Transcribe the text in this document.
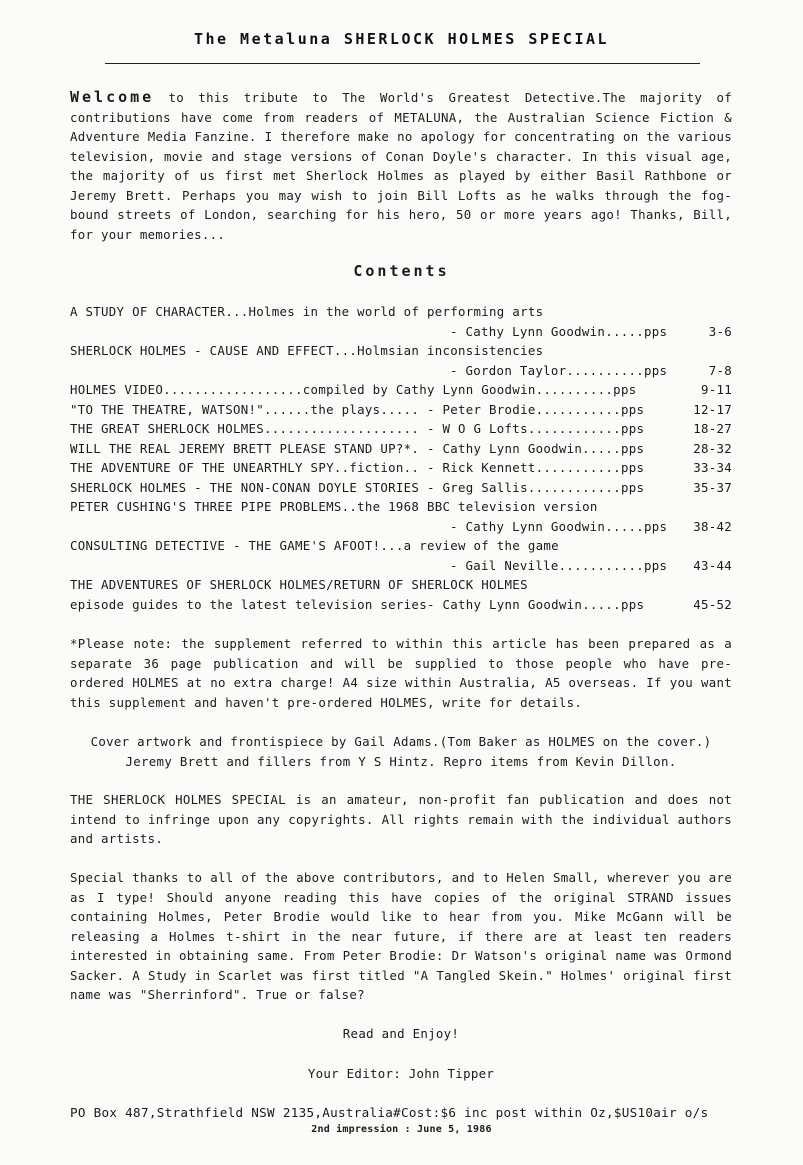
The Metaluna SHERLOCK HOLMES SPECIAL
Welcome to this tribute to The World's Greatest Detective.The majority of contributions have come from readers of METALUNA, the Australian Science Fiction & Adventure Media Fanzine. I therefore make no apology for concentrating on the various television, movie and stage versions of Conan Doyle's character. In this visual age, the majority of us first met Sherlock Holmes as played by either Basil Rathbone or Jeremy Brett. Perhaps you may wish to join Bill Lofts as he walks through the fog-bound streets of London, searching for his hero, 50 or more years ago! Thanks, Bill, for your memories...
Contents
A STUDY OF CHARACTER...Holmes in the world of performing arts
- Cathy Lynn Goodwin.....pps	3-6
SHERLOCK HOLMES - CAUSE AND EFFECT...Holmsian inconsistencies
- Gordon Taylor..........pps	7-8
HOLMES VIDEO..................compiled by Cathy Lynn Goodwin..........pps	9-11
"TO THE THEATRE, WATSON!"......the plays..... - Peter Brodie...........pps	12-17
THE GREAT SHERLOCK HOLMES.................... - W O G Lofts............pps	18-27
WILL THE REAL JEREMY BRETT PLEASE STAND UP?*. - Cathy Lynn Goodwin.....pps	28-32
THE ADVENTURE OF THE UNEARTHLY SPY..fiction.. - Rick Kennett...........pps	33-34
SHERLOCK HOLMES - THE NON-CONAN DOYLE STORIES - Greg Sallis............pps	35-37
PETER CUSHING'S THREE PIPE PROBLEMS..the 1968 BBC television version
- Cathy Lynn Goodwin.....pps 38-42
CONSULTING DETECTIVE - THE GAME'S AFOOT!...a review of the game
- Gail Neville...........pps 43-44
THE ADVENTURES OF SHERLOCK HOLMES/RETURN OF SHERLOCK HOLMES
episode guides to the latest television series- Cathy Lynn Goodwin.....pps	45-52
*Please note: the supplement referred to within this article has been prepared as a separate 36 page publication and will be supplied to those people who have pre-ordered HOLMES at no extra charge! A4 size within Australia, A5 overseas. If you want this supplement and haven't pre-ordered HOLMES, write for details.
Cover artwork and frontispiece by Gail Adams.(Tom Baker as HOLMES on the cover.)
Jeremy Brett and fillers from Y S Hintz. Repro items from Kevin Dillon.
THE SHERLOCK HOLMES SPECIAL is an amateur, non-profit fan publication and does not intend to infringe upon any copyrights. All rights remain with the individual authors and artists.
Special thanks to all of the above contributors, and to Helen Small, wherever you are as I type! Should anyone reading this have copies of the original STRAND issues containing Holmes, Peter Brodie would like to hear from you. Mike McGann will be releasing a Holmes t-shirt in the near future, if there are at least ten readers interested in obtaining same. From Peter Brodie: Dr Watson's original name was Ormond Sacker. A Study in Scarlet was first titled "A Tangled Skein." Holmes' original first name was "Sherrinford". True or false?
Read and Enjoy!
Your Editor: John Tipper
PO Box 487,Strathfield NSW 2135,Australia#Cost:$6 inc post within Oz,$US10air o/s
2nd impression : June 5, 1986
